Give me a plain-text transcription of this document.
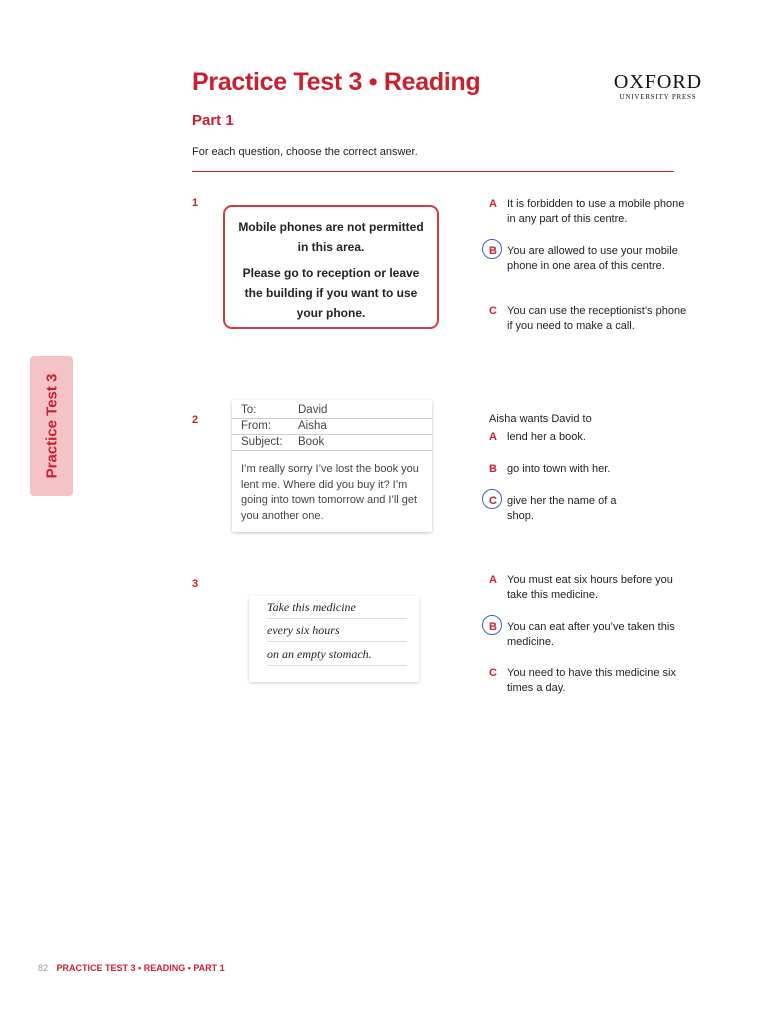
Practice Test 3 • Reading	OXFORD
UNIVERSITY PRESS
Part 1
For each question, choose the correct answer.
1
Mobile phones are not permitted in this area.
Please go to reception or leave the building if you want to use your phone.
A It is forbidden to use a mobile phone in any part of this centre.
B You are allowed to use your mobile phone in one area of this centre.
C You can use the receptionist’s phone if you need to make a call.
2
To:	David
From: Aisha
Subject: Book
I’m really sorry I’ve lost the book you lent me. Where did you buy it? I’m going into town tomorrow and I’ll get you another one.
Aisha wants David to
A lend her a book.
B go into town with her.
C give her the name of a shop.
3
Take this medicine
every six hours
on an empty stomach.
A You must eat six hours before you take this medicine.
B You can eat after you’ve taken this medicine.
C You need to have this medicine six times a day.
Practice Test 3
82 PRACTICE TEST 3 • READING • PART 1
